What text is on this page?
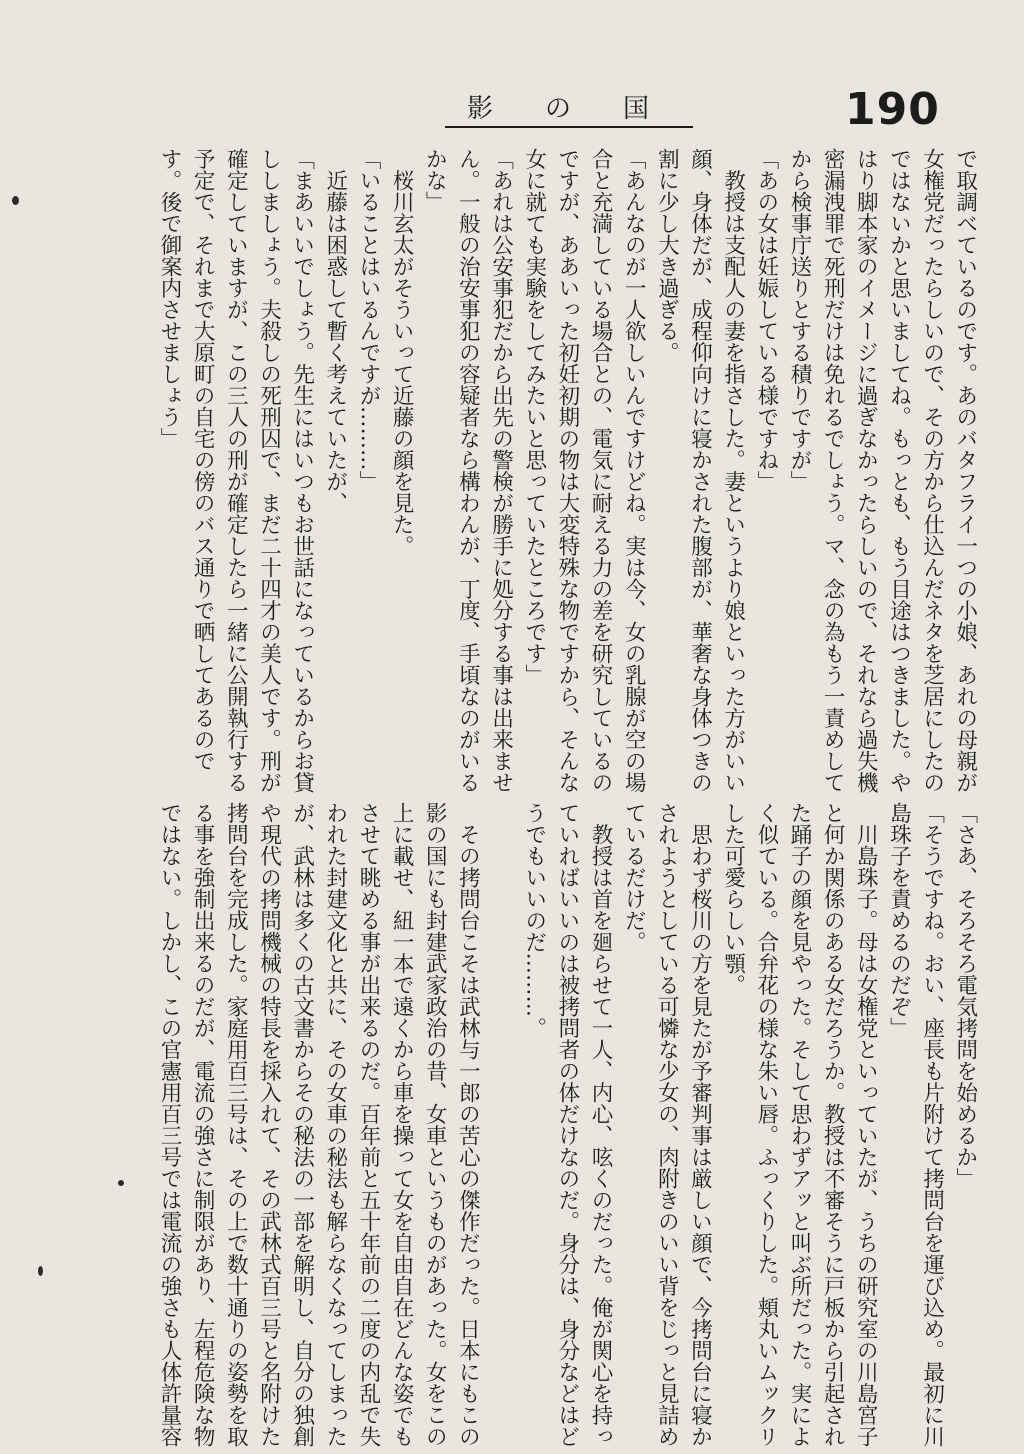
影の国	190
で取調べているのです。あのバタフライ一つの小娘、あれの母親が
女権党だったらしいので、その方から仕込んだネタを芝居にしたの
ではないかと思いましてね。もっとも、もう目途はつきました。や
はり脚本家のイメージに過ぎなかったらしいので、それなら過失機
密漏洩罪で死刑だけは免れるでしょう。マ、念の為もう一責めして
から検事庁送りとする積りですが」
「あの女は妊娠している様ですね」
　教授は支配人の妻を指さした。妻というより娘といった方がいい
顔、身体だが、成程仰向けに寝かされた腹部が、華奢な身体つきの
割に少し大き過ぎる。
「あんなのが一人欲しいんですけどね。実は今、女の乳腺が空の場
合と充満している場合との、電気に耐える力の差を研究しているの
ですが、ああいった初妊初期の物は大変特殊な物ですから、そんな
女に就ても実験をしてみたいと思っていたところです」
「あれは公安事犯だから出先の警検が勝手に処分する事は出来ませ
ん。一般の治安事犯の容疑者なら構わんが、丁度、手頃なのがいる
かな」
　桜川玄太がそういって近藤の顔を見た。
「いることはいるんですが………」
　近藤は困惑して暫く考えていたが、
「まあいいでしょう。先生にはいつもお世話になっているからお貸
ししましょう。夫殺しの死刑囚で、まだ二十四才の美人です。刑が
確定していますが、この三人の刑が確定したら一緒に公開執行する
予定で、それまで大原町の自宅の傍のバス通りで晒してあるので
す。後で御案内させましょう」
「さあ、そろそろ電気拷問を始めるか」
「そうですね。おい、座長も片附けて拷問台を運び込め。最初に川
島珠子を責めるのだぞ」
　川島珠子。母は女権党といっていたが、うちの研究室の川島宮子
と何か関係のある女だろうか。教授は不審そうに戸板から引起され
た踊子の顔を見やった。そして思わずアッと叫ぶ所だった。実によ
く似ている。合弁花の様な朱い唇。ふっくりした。頬丸いムックリ
した可愛らしい顎。
　思わず桜川の方を見たが予審判事は厳しい顔で、今拷問台に寝か
されようとしている可憐な少女の、肉附きのいい背をじっと見詰め
ているだけだ。
　教授は首を廻らせて一人、内心、呟くのだった。俺が関心を持っ
ていればいいのは被拷問者の体だけなのだ。身分は、身分などはど
うでもいいのだ………。
　その拷問台こそは武林与一郎の苦心の傑作だった。日本にもこの
影の国にも封建武家政治の昔、女車というものがあった。女をこの
上に載せ、紐一本で遠くから車を操って女を自由自在どんな姿でも
させて眺める事が出来るのだ。百年前と五十年前の二度の内乱で失
われた封建文化と共に、その女車の秘法も解らなくなってしまった
が、武林は多くの古文書からその秘法の一部を解明し、自分の独創
や現代の拷問機械の特長を採入れて、その武林式百三号と名附けた
拷問台を完成した。家庭用百三号は、その上で数十通りの姿勢を取
る事を強制出来るのだが、電流の強さに制限があり、左程危険な物
ではない。しかし、この官憲用百三号では電流の強さも人体許量容
